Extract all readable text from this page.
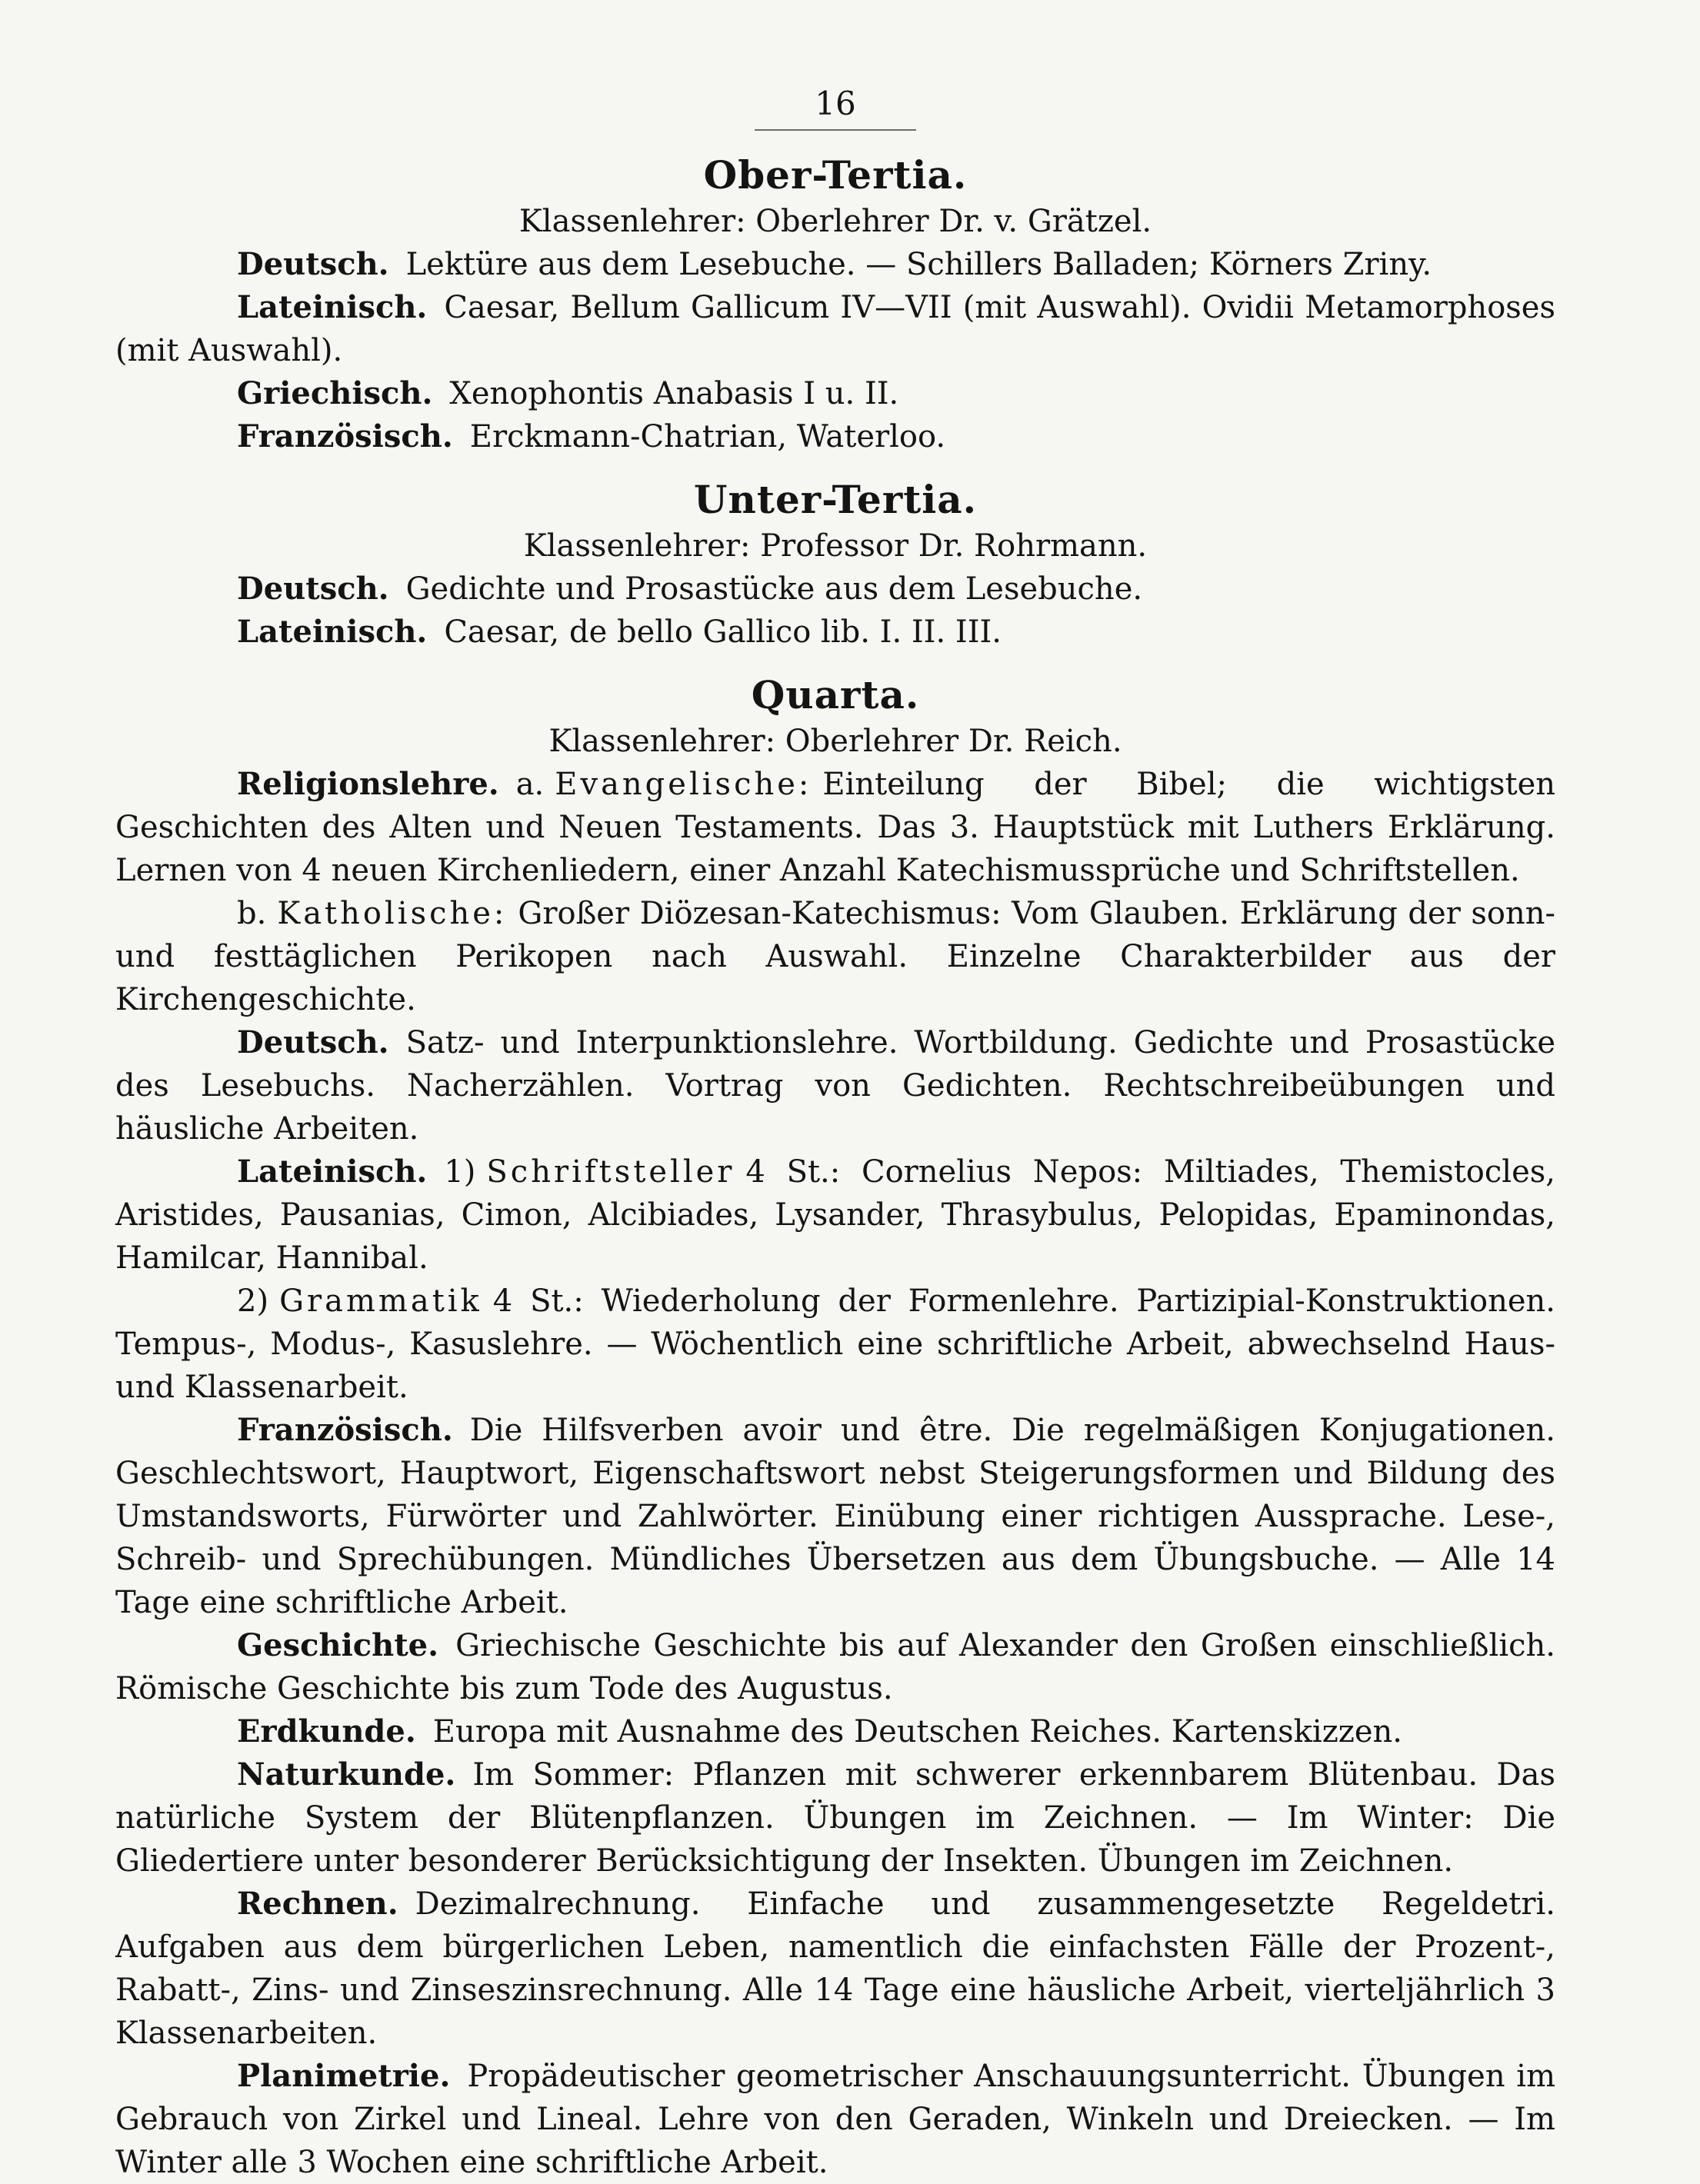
16
Ober-Tertia.
Klassenlehrer: Oberlehrer Dr. v. Grätzel.

Deutsch. Lektüre aus dem Lesebuche. — Schillers Balladen; Körners Zriny.

Lateinisch. Caesar, Bellum Gallicum IV—VII (mit Auswahl). Ovidii Metamorphoses (mit Auswahl).

Griechisch. Xenophontis Anabasis I u. II.

Französisch. Erckmann-Chatrian, Waterloo.

Unter-Tertia.
Klassenlehrer: Professor Dr. Rohrmann.

Deutsch. Gedichte und Prosastücke aus dem Lesebuche.

Lateinisch. Caesar, de bello Gallico lib. I. II. III.

Quarta.
Klassenlehrer: Oberlehrer Dr. Reich.

Religionslehre. a. Evangelische: Einteilung der Bibel; die wichtigsten Geschichten des Alten und Neuen Testaments. Das 3. Hauptstück mit Luthers Erklärung. Lernen von 4 neuen Kirchenliedern, einer Anzahl Katechismussprüche und Schriftstellen.

b. Katholische: Großer Diözesan-Katechismus: Vom Glauben. Erklärung der sonn- und festtäglichen Perikopen nach Auswahl. Einzelne Charakterbilder aus der Kirchengeschichte.

Deutsch. Satz- und Interpunktionslehre. Wortbildung. Gedichte und Prosastücke des Lesebuchs. Nacherzählen. Vortrag von Gedichten. Rechtschreibeübungen und häusliche Arbeiten.

Lateinisch. 1) Schriftsteller 4 St.: Cornelius Nepos: Miltiades, Themistocles, Aristides, Pausanias, Cimon, Alcibiades, Lysander, Thrasybulus, Pelopidas, Epaminondas, Hamilcar, Hannibal.

2) Grammatik 4 St.: Wiederholung der Formenlehre. Partizipial-Konstruktionen. Tempus-, Modus-, Kasuslehre. — Wöchentlich eine schriftliche Arbeit, abwechselnd Haus- und Klassenarbeit.

Französisch. Die Hilfsverben avoir und être. Die regelmäßigen Konjugationen. Geschlechtswort, Hauptwort, Eigenschaftswort nebst Steigerungsformen und Bildung des Umstandsworts, Fürwörter und Zahlwörter. Einübung einer richtigen Aussprache. Lese-, Schreib- und Sprechübungen. Mündliches Übersetzen aus dem Übungsbuche. — Alle 14 Tage eine schriftliche Arbeit.

Geschichte. Griechische Geschichte bis auf Alexander den Großen einschließlich. Römische Geschichte bis zum Tode des Augustus.

Erdkunde. Europa mit Ausnahme des Deutschen Reiches. Kartenskizzen.

Naturkunde. Im Sommer: Pflanzen mit schwerer erkennbarem Blütenbau. Das natürliche System der Blütenpflanzen. Übungen im Zeichnen. — Im Winter: Die Gliedertiere unter besonderer Berücksichtigung der Insekten. Übungen im Zeichnen.

Rechnen. Dezimalrechnung. Einfache und zusammengesetzte Regeldetri. Aufgaben aus dem bürgerlichen Leben, namentlich die einfachsten Fälle der Prozent-, Rabatt-, Zins- und Zinseszinsrechnung. Alle 14 Tage eine häusliche Arbeit, vierteljährlich 3 Klassenarbeiten.

Planimetrie. Propädeutischer geometrischer Anschauungsunterricht. Übungen im Gebrauch von Zirkel und Lineal. Lehre von den Geraden, Winkeln und Dreiecken. — Im Winter alle 3 Wochen eine schriftliche Arbeit.
